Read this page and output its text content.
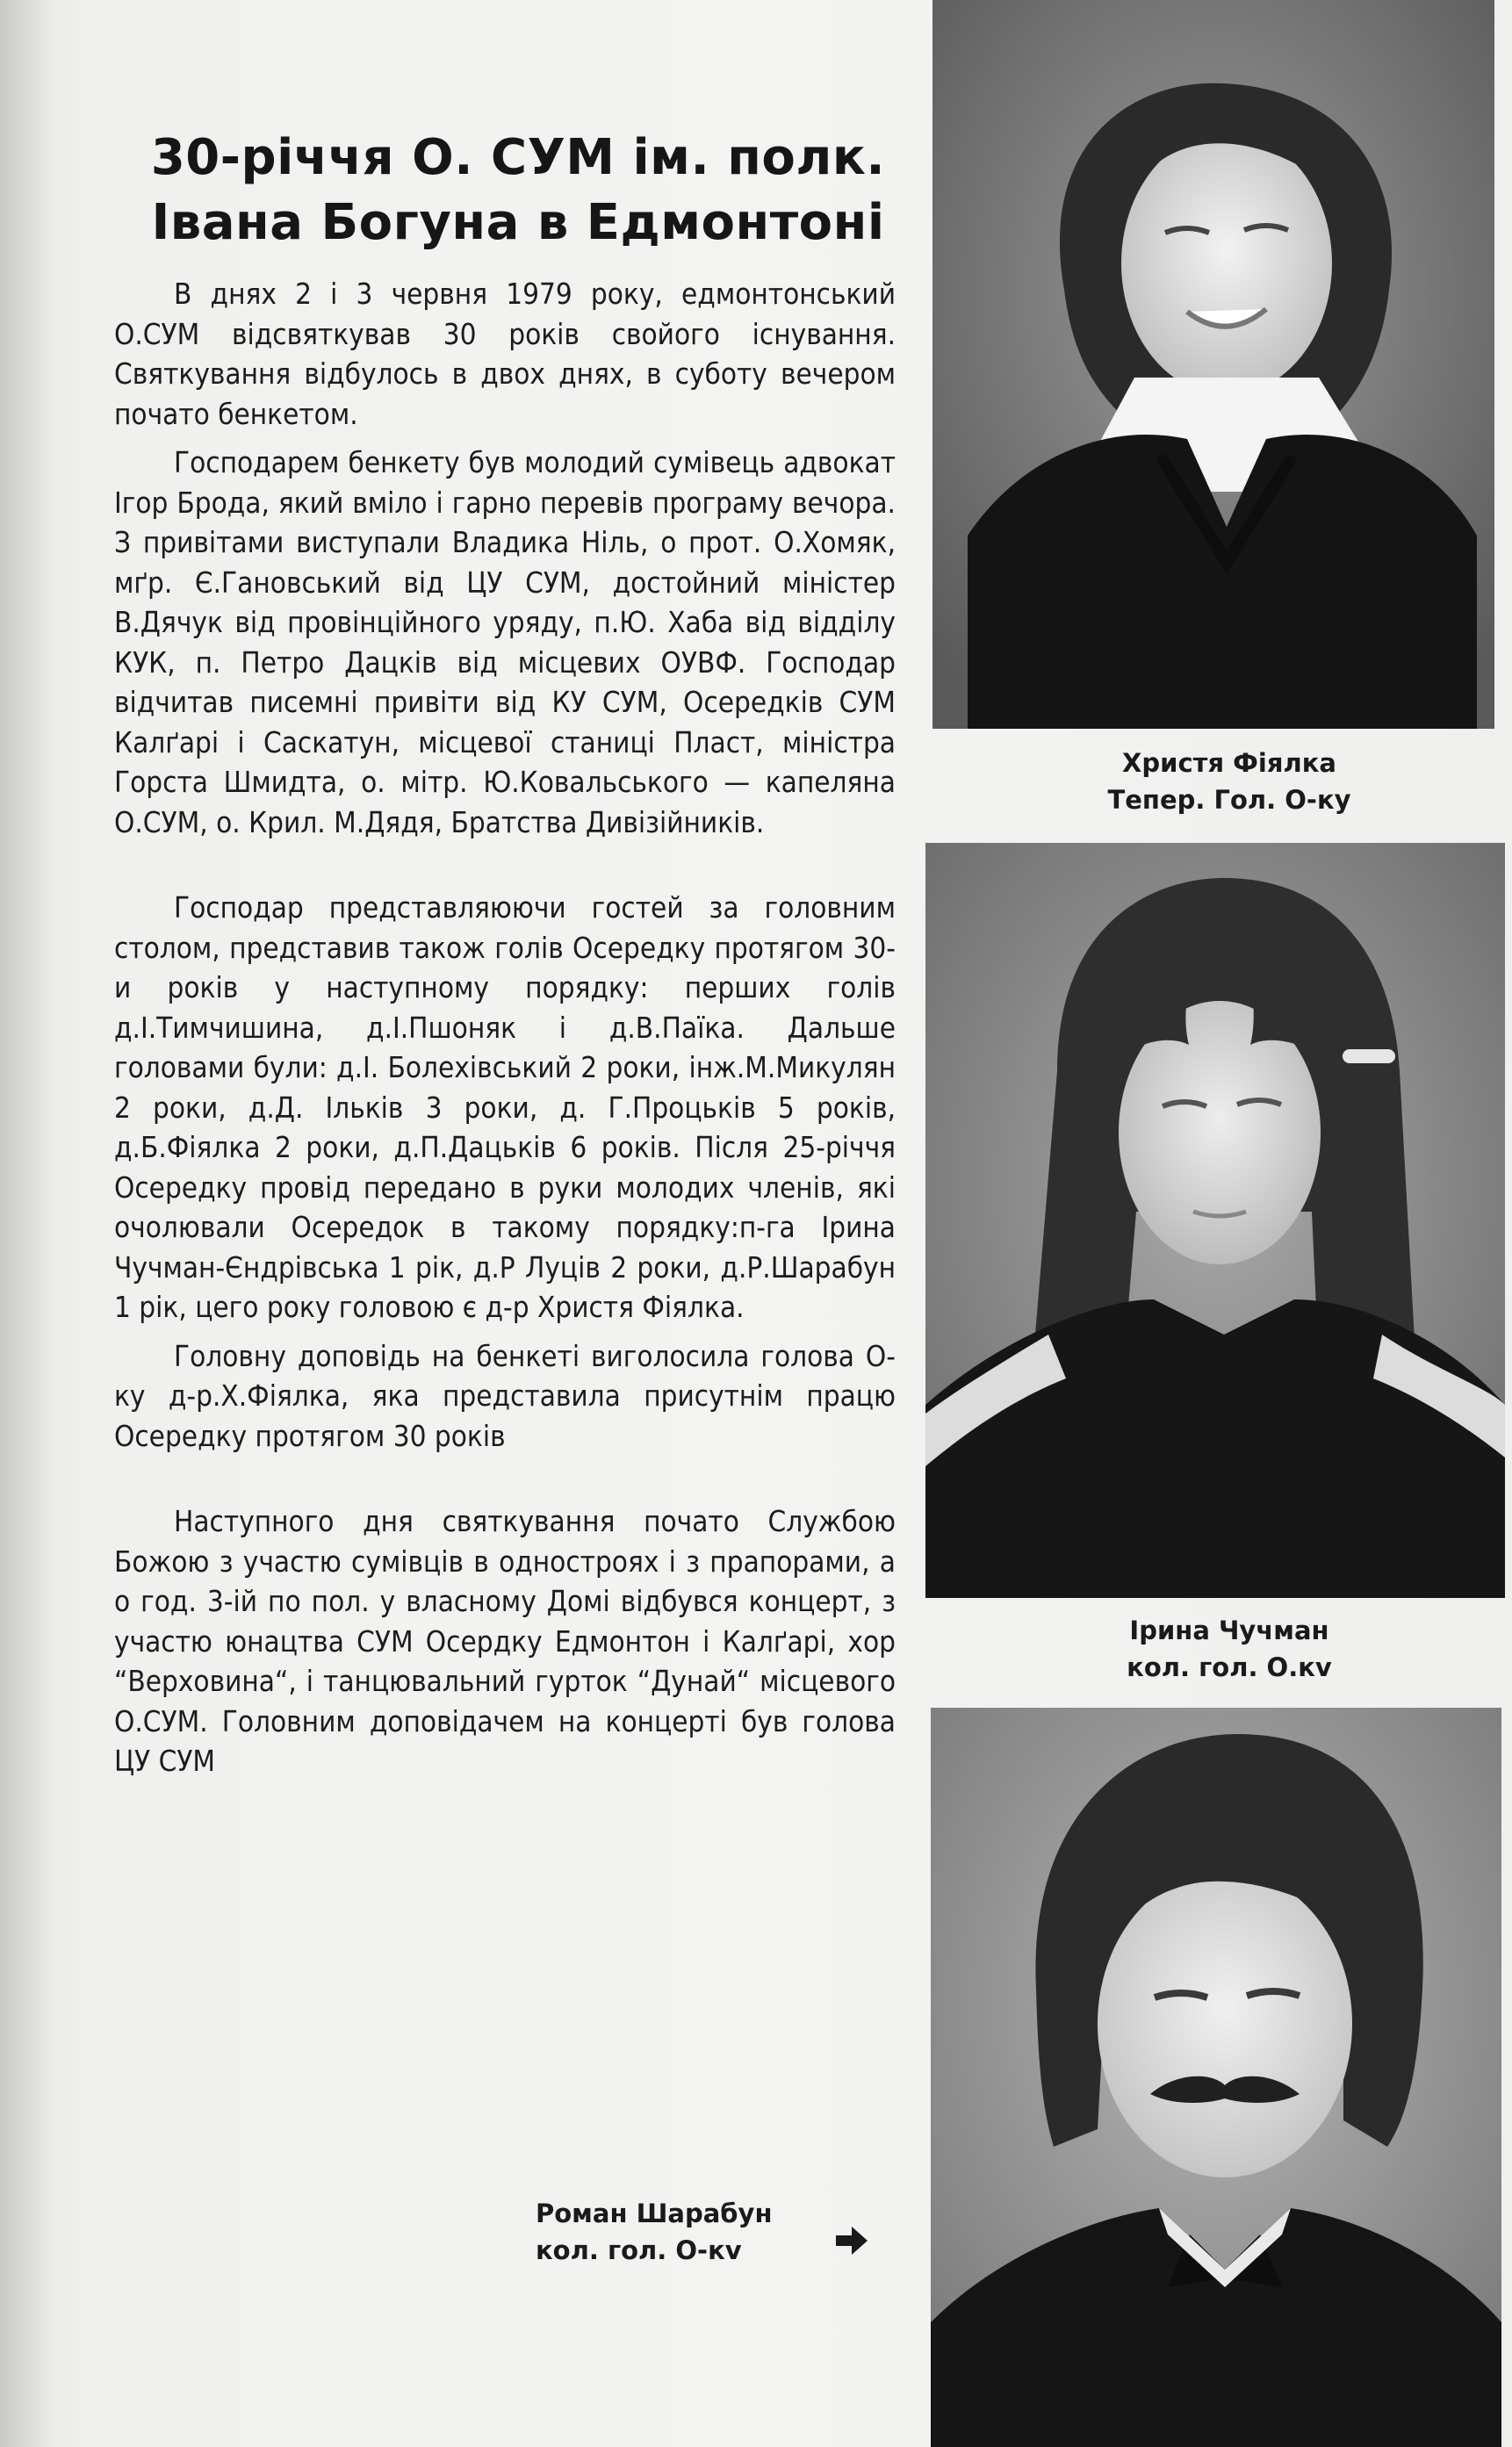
30-річчя О. СУМ ім. полк.
Івана Богуна в Едмонтоні

В днях 2 і 3 червня 1979 року, едмонтонський О.СУМ відсвяткував 30 років свойого існування. Святкування відбулось в двох днях, в суботу вечером почато бенкетом.

Господарем бенкету був молодий сумівець адвокат Ігор Брода, який вміло і гарно перевів програму вечора. З привітами виступали Владика Ніль, о прот. О.Хомяк, мґр. Є.Гановський від ЦУ СУМ, достойний міністер В.Дячук від провінційного уряду, п.Ю. Хаба від відділу КУК, п. Петро Дацків від місцевих ОУВФ. Господар відчитав писемні привіти від КУ СУМ, Осередків СУМ Калґарі і Саскатун, місцевої станиці Пласт, міністра Горста Шмидта, о. мітр. Ю.Ковальського — капеляна О.СУМ, о. Крил. М.Дядя, Братства Дивізійників.

Господар представляюючи гостей за головним столом, представив також голів Осередку протягом 30-и років у наступному порядку: перших голів д.І.Тимчишина, д.І.Пшоняк і д.В.Паїка. Дальше головами були: д.І. Болехівський 2 роки, інж.М.Микулян 2 роки, д.Д. Ільків 3 роки, д. Г.Процьків 5 років, д.Б.Фіялка 2 роки, д.П.Дацьків 6 років. Після 25-річчя Осередку провід передано в руки молодих членів, які очолювали Осередок в такому порядку:п-га Ірина Чучман-Єндрівська 1 рік, д.Р Луців 2 роки, д.Р.Шарабун 1 рік, цего року головою є д-р Христя Фіялка.

Головну доповідь на бенкеті виголосила голова О-ку д-р.Х.Фіялка, яка представила присутнім працю Осередку протягом 30 років

Наступного дня святкування почато Службою Божою з участю сумівців в одностроях і з прапорами, а о год. 3-ій по пол. у власному Домі відбувся концерт, з участю юнацтва СУМ Осердку Едмонтон і Калґарі, хор “Верховина“, і танцювальний гурток “Дунай“ місцевого О.СУМ. Головним доповідачем на концерті був голова ЦУ СУМ

Христя Фіялка
Тепер. Гол. О-ку
Ірина Чучман
кол. гол. О.кv
Роман Шарабун
кол. гол. О-кv
